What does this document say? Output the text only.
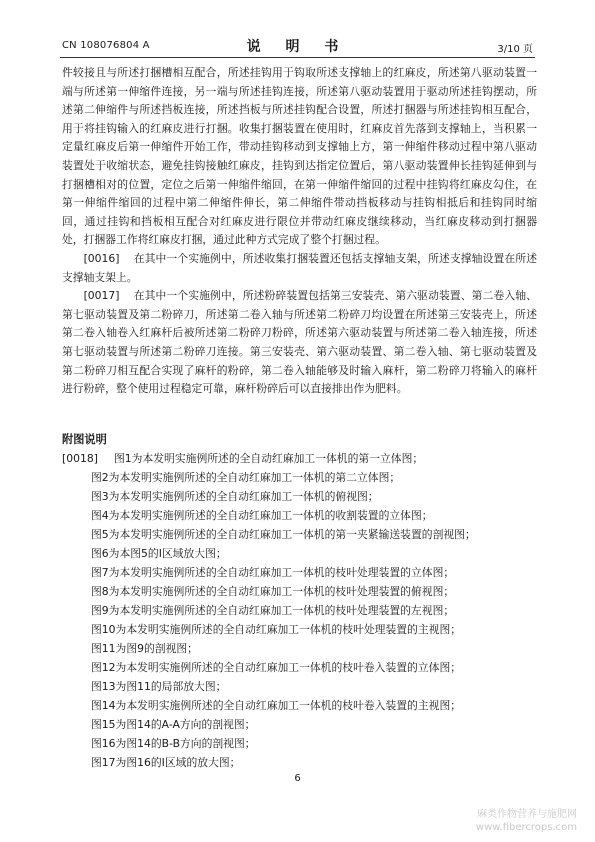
CN 108076804 A	说 明 书	3/10 页

件较接且与所述打捆槽相互配合，所述挂钩用于钩取所述支撑轴上的红麻皮，所述第八驱动装置一端与所述第一伸缩件连接，另一端与所述挂钩连接，所述第八驱动装置用于驱动所述挂钩摆动，所述第二伸缩件与所述挡板连接，所述挡板与所述挂钩配合设置，所述打捆器与所述挂钩相互配合，用于将挂钩输入的红麻皮进行打捆。收集打捆装置在使用时，红麻皮首先落到支撑轴上，当积累一定量红麻皮后第一伸缩件开始工作，带动挂钩移动到支撑轴上方，第一伸缩件移动过程中第八驱动装置处于收缩状态，避免挂钩接触红麻皮，挂钩到达指定位置后，第八驱动装置伸长挂钩延伸到与打捆槽相对的位置，定位之后第一伸缩件缩回，在第一伸缩件缩回的过程中挂钩将红麻皮勾住，在第一伸缩件缩回的过程中第二伸缩件伸长，第二伸缩件带动挡板移动与挂钩相抵后和挂钩同时缩回，通过挂钩和挡板相互配合对红麻皮进行限位并带动红麻皮继续移动，当红麻皮移动到打捆器处，打捆器工作将红麻皮打捆，通过此种方式完成了整个打捆过程。

[0016] 在其中一个实施例中，所述收集打捆装置还包括支撑轴支架，所述支撑轴设置在所述支撑轴支架上。

[0017] 在其中一个实施例中，所述粉碎装置包括第三安装壳、第六驱动装置、第二卷入轴、第七驱动装置及第二粉碎刀，所述第二卷入轴与所述第二粉碎刀均设置在所述第三安装壳上，所述第二卷入轴卷入红麻杆后被所述第二粉碎刀粉碎，所述第六驱动装置与所述第二卷入轴连接，所述第七驱动装置与所述第二粉碎刀连接。第三安装壳、第六驱动装置、第二卷入轴、第七驱动装置及第二粉碎刀相互配合实现了麻杆的粉碎，第二卷入轴能够及时输入麻杆，第二粉碎刀将输入的麻杆进行粉碎，整个使用过程稳定可靠，麻杆粉碎后可以直接排出作为肥料。

附图说明
[0018] 图1为本发明实施例所述的全自动红麻加工一体机的第一立体图；
图2为本发明实施例所述的全自动红麻加工一体机的第二立体图；
图3为本发明实施例所述的全自动红麻加工一体机的俯视图；
图4为本发明实施例所述的全自动红麻加工一体机的收割装置的立体图；
图5为本发明实施例所述的全自动红麻加工一体机的第一夹紧输送装置的剖视图；
图6为本图5的I区域放大图；
图7为本发明实施例所述的全自动红麻加工一体机的枝叶处理装置的立体图；
图8为本发明实施例所述的全自动红麻加工一体机的枝叶处理装置的俯视图；
图9为本发明实施例所述的全自动红麻加工一体机的枝叶处理装置的左视图；
图10为本发明实施例所述的全自动红麻加工一体机的枝叶处理装置的主视图；
图11为图9的剖视图；
图12为本发明实施例所述的全自动红麻加工一体机的枝叶卷入装置的立体图；
图13为图11的局部放大图；
图14为本发明实施例所述的全自动红麻加工一体机的枝叶卷入装置的主视图；
图15为图14的A-A方向的剖视图；
图16为图14的B-B方向的剖视图；
图17为图16的I区域的放大图；
6
麻类作物营养与施肥网
www.fibercrops.com
